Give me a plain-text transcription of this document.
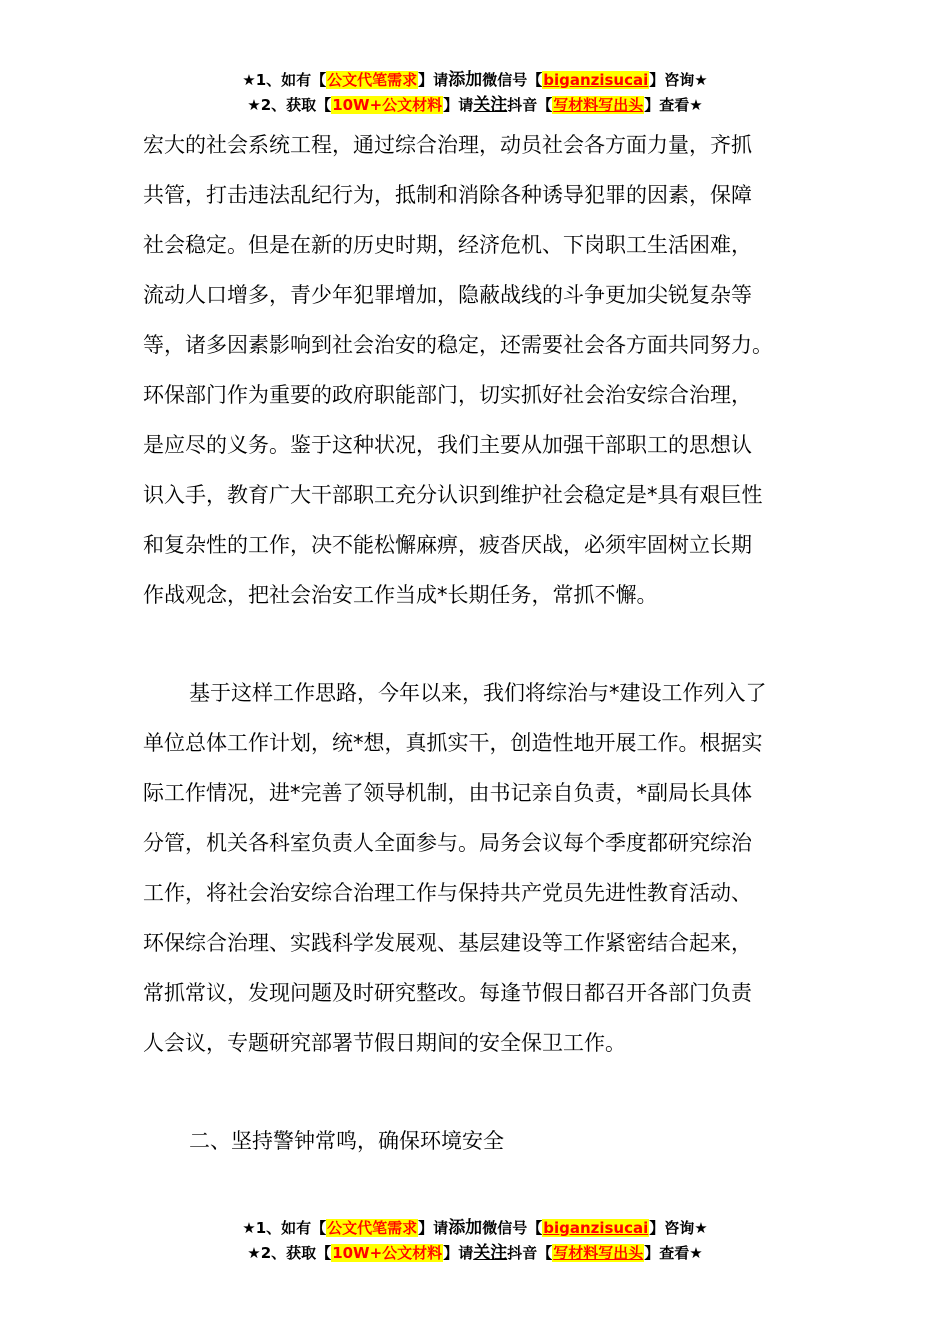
★1、如有【公文代笔需求】请添加微信号【biganzisucai】咨询★
★2、获取【10W+公文材料】请关注抖音【写材料写出头】查看★
宏大的社会系统工程，通过综合治理，动员社会各方面力量，齐抓
共管，打击违法乱纪行为，抵制和消除各种诱导犯罪的因素，保障
社会稳定。但是在新的历史时期，经济危机、下岗职工生活困难，
流动人口增多，青少年犯罪增加，隐蔽战线的斗争更加尖锐复杂等
等，诸多因素影响到社会治安的稳定，还需要社会各方面共同努力。
环保部门作为重要的政府职能部门，切实抓好社会治安综合治理，
是应尽的义务。鉴于这种状况，我们主要从加强干部职工的思想认
识入手，教育广大干部职工充分认识到维护社会稳定是*具有艰巨性
和复杂性的工作，决不能松懈麻痹，疲沓厌战，必须牢固树立长期
作战观念，把社会治安工作当成*长期任务，常抓不懈。
基于这样工作思路，今年以来，我们将综治与*建设工作列入了
单位总体工作计划，统*想，真抓实干，创造性地开展工作。根据实
际工作情况，进*完善了领导机制，由书记亲自负责，*副局长具体
分管，机关各科室负责人全面参与。局务会议每个季度都研究综治
工作，将社会治安综合治理工作与保持共产党员先进性教育活动、
环保综合治理、实践科学发展观、基层建设等工作紧密结合起来，
常抓常议，发现问题及时研究整改。每逢节假日都召开各部门负责
人会议，专题研究部署节假日期间的安全保卫工作。
二、坚持警钟常鸣，确保环境安全
★1、如有【公文代笔需求】请添加微信号【biganzisucai】咨询★
★2、获取【10W+公文材料】请关注抖音【写材料写出头】查看★
